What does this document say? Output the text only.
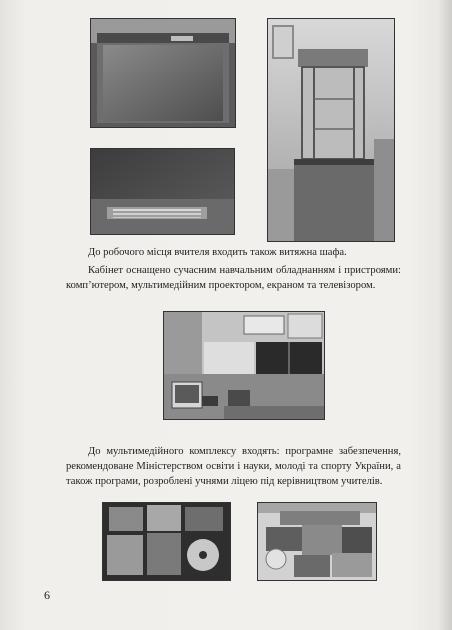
До робочого місця вчителя входить також витяжна шафа.
Кабінет оснащено сучасним навчальним обладнанням і пристроями: комп’ютером, мультимедійним проектором, екраном та телевізором.
До мультимедійного комплексу входять: програмне забезпечення, рекомендоване Міністерством освіти і науки, молоді та спорту України, а також програми, розроблені учнями ліцею під керівництвом учителів.
6
